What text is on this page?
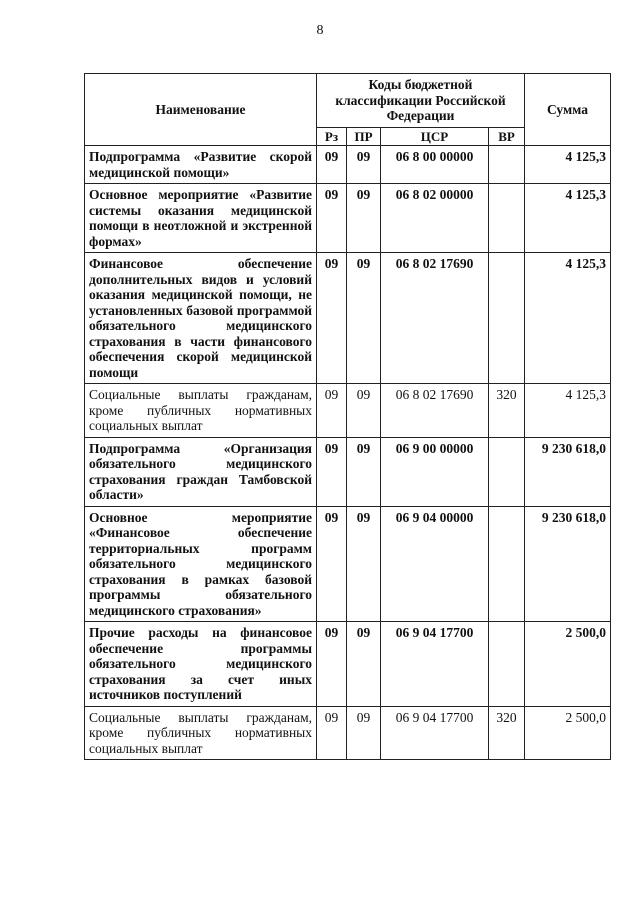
8
Наименование	Коды бюджетной классификации Российской Федерации				Сумма
	Рз	ПР	ЦСР	ВР	
Подпрограмма «Развитие скорой медицинской помощи»	09	09	06 8 00 00000		4 125,3
Основное мероприятие «Развитие системы оказания медицинской помощи в неотложной и экстренной формах»	09	09	06 8 02 00000		4 125,3
Финансовое обеспечение дополнительных видов и условий оказания медицинской помощи, не установленных базовой программой обязательного медицинского страхования в части финансового обеспечения скорой медицинской помощи	09	09	06 8 02 17690		4 125,3
Социальные выплаты гражданам, кроме публичных нормативных социальных выплат	09	09	06 8 02 17690	320	4 125,3
Подпрограмма «Организация обязательного медицинского страхования граждан Тамбовской области»	09	09	06 9 00 00000		9 230 618,0
Основное мероприятие «Финансовое обеспечение территориальных программ обязательного медицинского страхования в рамках базовой программы обязательного медицинского страхования»	09	09	06 9 04 00000		9 230 618,0
Прочие расходы на финансовое обеспечение программы обязательного медицинского страхования за счет иных источников поступлений	09	09	06 9 04 17700		2 500,0
Социальные выплаты гражданам, кроме публичных нормативных социальных выплат	09	09	06 9 04 17700	320	2 500,0
